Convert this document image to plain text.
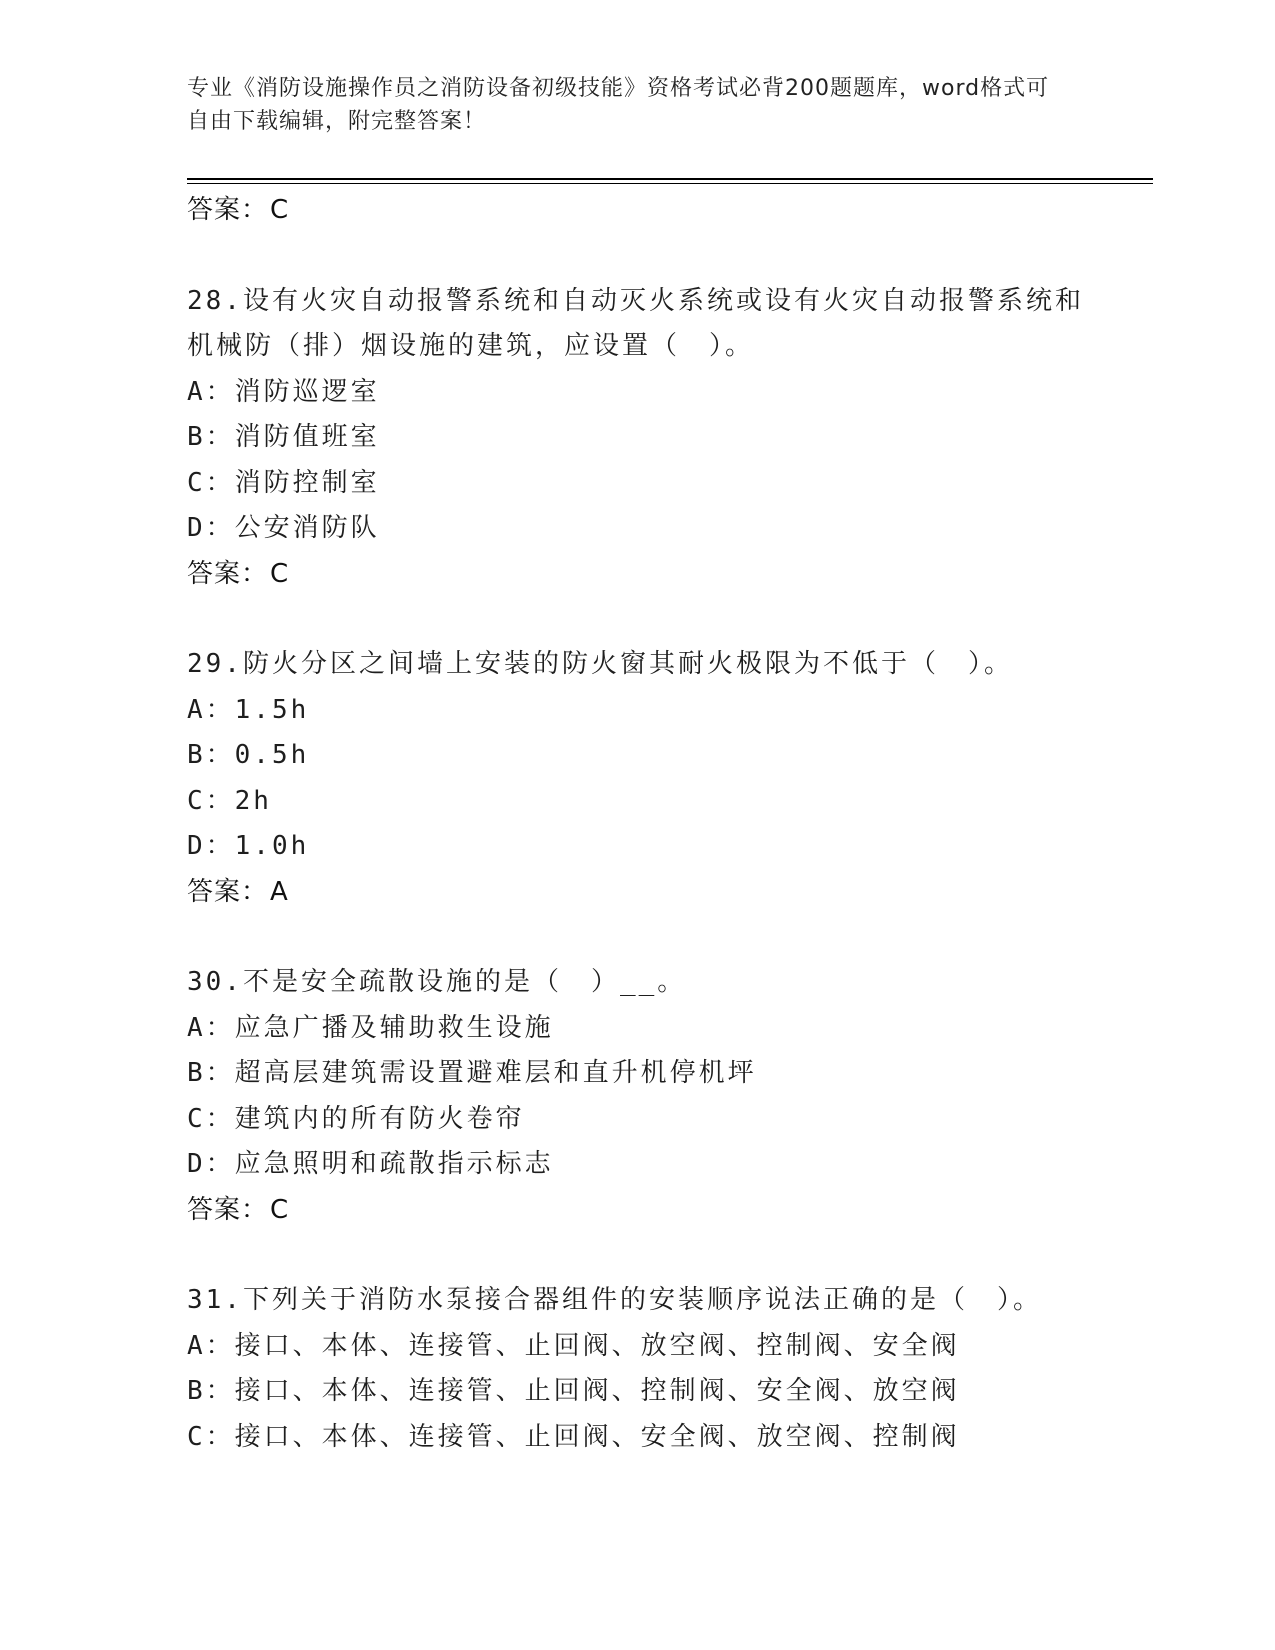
专业《消防设施操作员之消防设备初级技能》资格考试必背200题题库，word格式可自由下载编辑，附完整答案！
答案：C
28.设有火灾自动报警系统和自动灭火系统或设有火灾自动报警系统和
机械防（排）烟设施的建筑，应设置（　）。
A：消防巡逻室
B：消防值班室
C：消防控制室
D：公安消防队
答案：C
29.防火分区之间墙上安装的防火窗其耐火极限为不低于（　）。
A：1.5h
B：0.5h
C：2h
D：1.0h
答案：A
30.不是安全疏散设施的是（　）__。
A：应急广播及辅助救生设施
B：超高层建筑需设置避难层和直升机停机坪
C：建筑内的所有防火卷帘
D：应急照明和疏散指示标志
答案：C
31.下列关于消防水泵接合器组件的安装顺序说法正确的是（　）。
A：接口、本体、连接管、止回阀、放空阀、控制阀、安全阀
B：接口、本体、连接管、止回阀、控制阀、安全阀、放空阀
C：接口、本体、连接管、止回阀、安全阀、放空阀、控制阀
